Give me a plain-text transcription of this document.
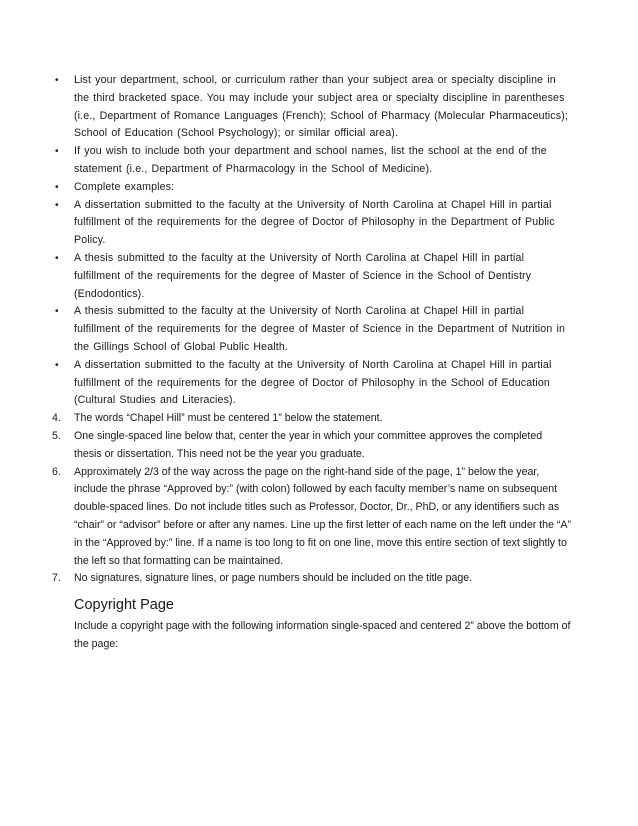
• List your department, school, or curriculum rather than your subject area or specialty discipline in the third bracketed space. You may include your subject area or specialty discipline in parentheses (i.e., Department of Romance Languages (French); School of Pharmacy (Molecular Pharmaceutics); School of Education (School Psychology); or similar official area).
• If you wish to include both your department and school names, list the school at the end of the statement (i.e., Department of Pharmacology in the School of Medicine).
• Complete examples:
• A dissertation submitted to the faculty at the University of North Carolina at Chapel Hill in partial fulfillment of the requirements for the degree of Doctor of Philosophy in the Department of Public Policy.
• A thesis submitted to the faculty at the University of North Carolina at Chapel Hill in partial fulfillment of the requirements for the degree of Master of Science in the School of Dentistry (Endodontics).
• A thesis submitted to the faculty at the University of North Carolina at Chapel Hill in partial fulfillment of the requirements for the degree of Master of Science in the Department of Nutrition in the Gillings School of Global Public Health.
• A dissertation submitted to the faculty at the University of North Carolina at Chapel Hill in partial fulfillment of the requirements for the degree of Doctor of Philosophy in the School of Education (Cultural Studies and Literacies).
4. The words “Chapel Hill” must be centered 1” below the statement.
5. One single-spaced line below that, center the year in which your committee approves the completed thesis or dissertation. This need not be the year you graduate.
6. Approximately 2/3 of the way across the page on the right-hand side of the page, 1” below the year, include the phrase “Approved by:” (with colon) followed by each faculty member’s name on subsequent double-spaced lines. Do not include titles such as Professor, Doctor, Dr., PhD, or any identifiers such as “chair” or “advisor” before or after any names. Line up the first letter of each name on the left under the “A” in the “Approved by:” line. If a name is too long to fit on one line, move this entire section of text slightly to the left so that formatting can be maintained.
7. No signatures, signature lines, or page numbers should be included on the title page.
Copyright Page

Include a copyright page with the following information single-spaced and centered 2” above the bottom of the page:
